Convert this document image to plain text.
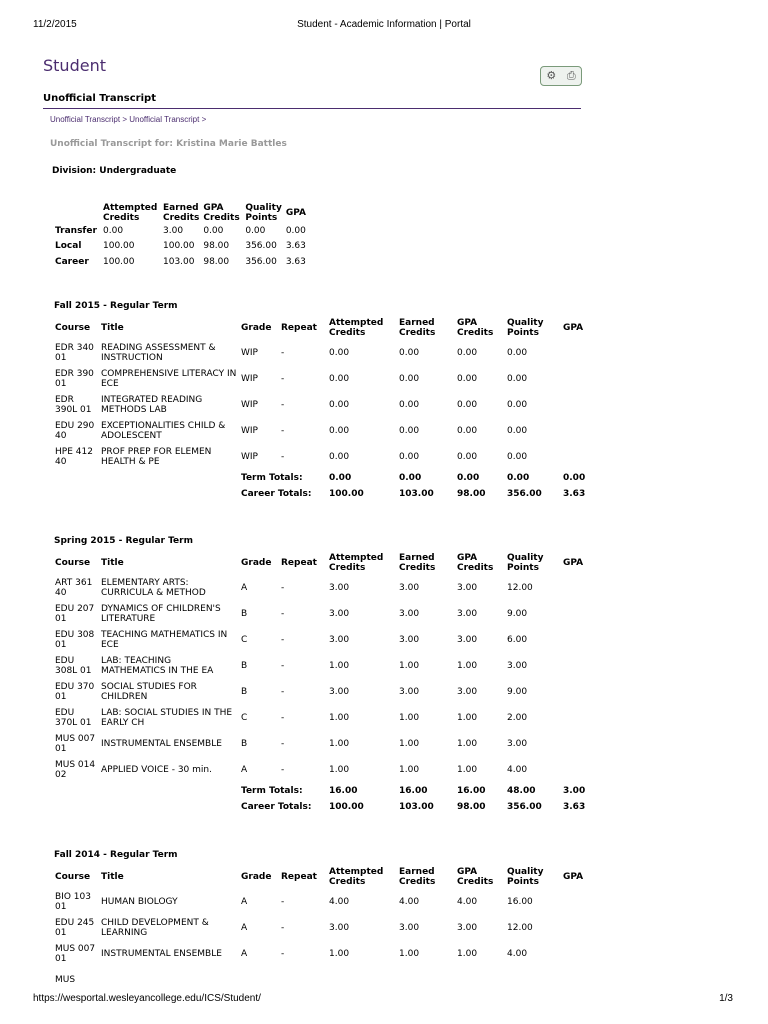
11/2/2015	Student - Academic Information | Portal
Student
⚙ ⎙
Unofficial Transcript
Unofficial Transcript > Unofficial Transcript >
Unofficial Transcript for: Kristina Marie Battles
Division: Undergraduate
	Attempted Credits	Earned Credits	GPA Credits	Quality Points	GPA
Transfer	0.00	3.00	0.00	0.00	0.00
Local	100.00	100.00	98.00	356.00	3.63
Career	100.00	103.00	98.00	356.00	3.63
Fall 2015 - Regular Term
Course	Title	Grade	Repeat	Attempted Credits	Earned Credits	GPA Credits	Quality Points	GPA
EDR 340 01	READING ASSESSMENT & INSTRUCTION	WIP	-	0.00	0.00	0.00	0.00	
EDR 390 01	COMPREHENSIVE LITERACY IN ECE	WIP	-	0.00	0.00	0.00	0.00	
EDR 390L 01	INTEGRATED READING METHODS LAB	WIP	-	0.00	0.00	0.00	0.00	
EDU 290 40	EXCEPTIONALITIES CHILD & ADOLESCENT	WIP	-	0.00	0.00	0.00	0.00	
HPE 412 40	PROF PREP FOR ELEMEN HEALTH & PE	WIP	-	0.00	0.00	0.00	0.00	
		Term Totals:		0.00	0.00	0.00	0.00	0.00
		Career Totals:		100.00	103.00	98.00	356.00	3.63
Spring 2015 - Regular Term
Course	Title	Grade	Repeat	Attempted Credits	Earned Credits	GPA Credits	Quality Points	GPA
ART 361 40	ELEMENTARY ARTS: CURRICULA & METHOD	A	-	3.00	3.00	3.00	12.00	
EDU 207 01	DYNAMICS OF CHILDREN'S LITERATURE	B	-	3.00	3.00	3.00	9.00	
EDU 308 01	TEACHING MATHEMATICS IN ECE	C	-	3.00	3.00	3.00	6.00	
EDU 308L 01	LAB: TEACHING MATHEMATICS IN THE EA	B	-	1.00	1.00	1.00	3.00	
EDU 370 01	SOCIAL STUDIES FOR CHILDREN	B	-	3.00	3.00	3.00	9.00	
EDU 370L 01	LAB: SOCIAL STUDIES IN THE EARLY CH	C	-	1.00	1.00	1.00	2.00	
MUS 007 01	INSTRUMENTAL ENSEMBLE	B	-	1.00	1.00	1.00	3.00	
MUS 014 02	APPLIED VOICE - 30 min.	A	-	1.00	1.00	1.00	4.00	
		Term Totals:		16.00	16.00	16.00	48.00	3.00
		Career Totals:		100.00	103.00	98.00	356.00	3.63
Fall 2014 - Regular Term
Course	Title	Grade	Repeat	Attempted Credits	Earned Credits	GPA Credits	Quality Points	GPA
BIO 103 01	HUMAN BIOLOGY	A	-	4.00	4.00	4.00	16.00	
EDU 245 01	CHILD DEVELOPMENT & LEARNING	A	-	3.00	3.00	3.00	12.00	
MUS 007 01	INSTRUMENTAL ENSEMBLE	A	-	1.00	1.00	1.00	4.00	
MUS								
https://wesportal.wesleyancollege.edu/ICS/Student/	1/3
